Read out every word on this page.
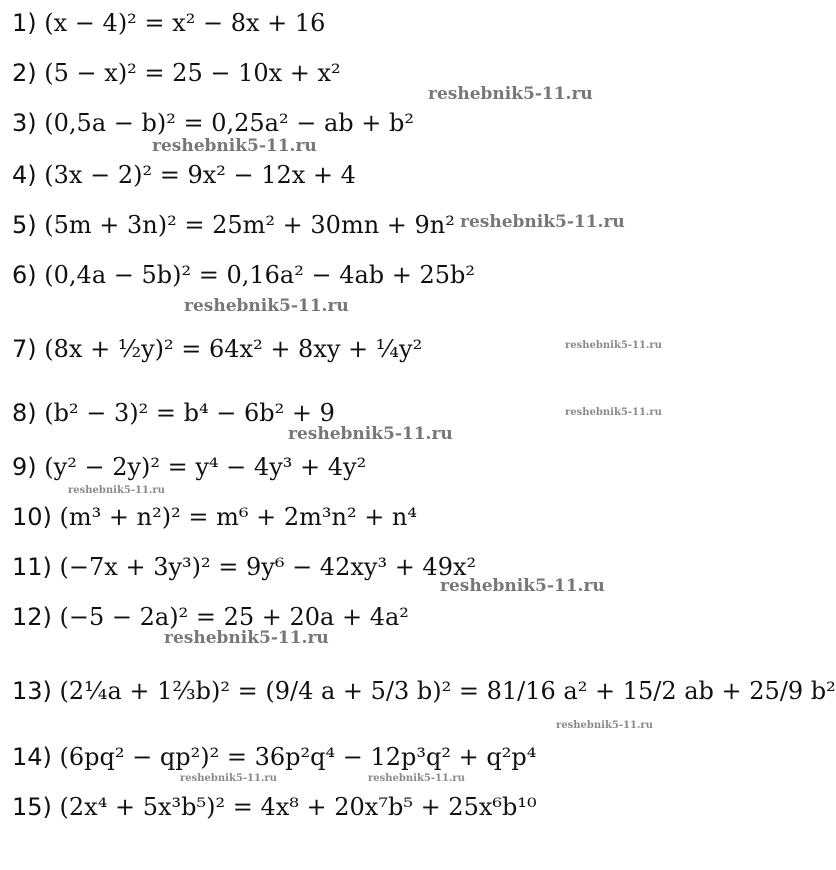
1) (x − 4)² = x² − 8x + 16
2) (5 − x)² = 25 − 10x + x²
3) (0,5a − b)² = 0,25a² − ab + b²
4) (3x − 2)² = 9x² − 12x + 4
5) (5m + 3n)² = 25m² + 30mn + 9n²
6) (0,4a − 5b)² = 0,16a² − 4ab + 25b²
7) (8x + ½y)² = 64x² + 8xy + ¼y²
8) (b² − 3)² = b⁴ − 6b² + 9
9) (y² − 2y)² = y⁴ − 4y³ + 4y²
10) (m³ + n²)² = m⁶ + 2m³n² + n⁴
11) (−7x + 3y³)² = 9y⁶ − 42xy³ + 49x²
12) (−5 − 2a)² = 25 + 20a + 4a²
13) (2¼a + 1⅔b)² = (9/4 a + 5/3 b)² = 81/16 a² + 15/2 ab + 25/9 b²
14) (6pq² − qp²)² = 36p²q⁴ − 12p³q² + q²p⁴
15) (2x⁴ + 5x³b⁵)² = 4x⁸ + 20x⁷b⁵ + 25x⁶b¹⁰
reshebnik5-11.ru
reshebnik5-11.ru
reshebnik5-11.ru
reshebnik5-11.ru
reshebnik5-11.ru
reshebnik5-11.ru
reshebnik5-11.ru
reshebnik5-11.ru
reshebnik5-11.ru
reshebnik5-11.ru
reshebnik5-11.ru
reshebnik5-11.ru	reshebnik5-11.ru
